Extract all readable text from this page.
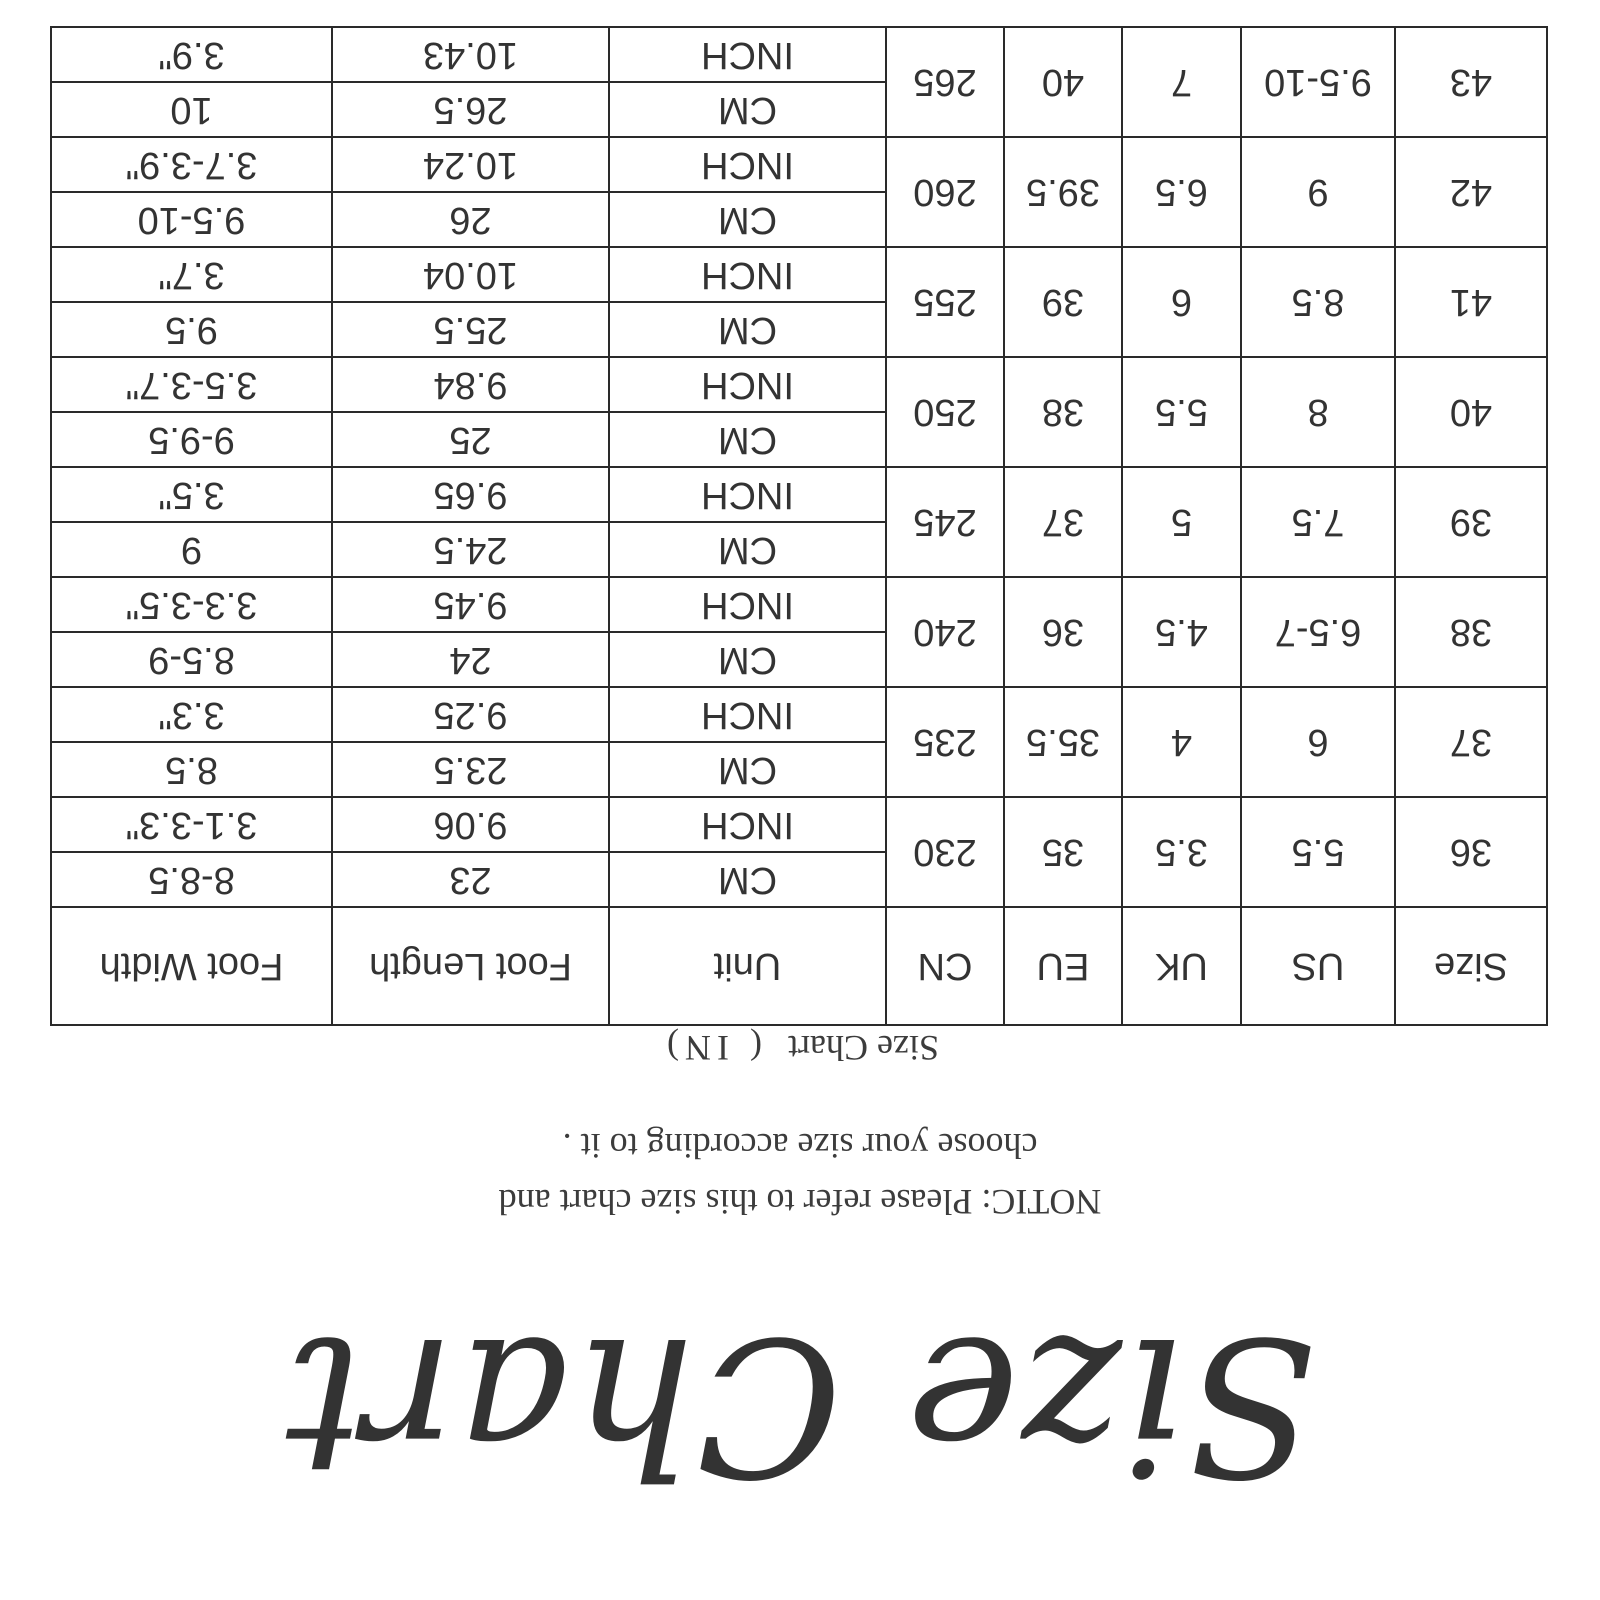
Size Chart
NOTIC: Please refer to this size chart and
choose your size according to it .
Size Chart( IN)
Size	US	UK	EU	CN	Unit	Foot Length	Foot Width
36	5.5	3.5	35	230	CM	23	8-8.5
					INCH	9.06	3.1-3.3"
37	6	4	35.5	235	CM	23.5	8.5
					INCH	9.25	3.3"
38	6.5-7	4.5	36	240	CM	24	8.5-9
					INCH	9.45	3.3-3.5"
39	7.5	5	37	245	CM	24.5	9
					INCH	9.65	3.5"
40	8	5.5	38	250	CM	25	9-9.5
					INCH	9.84	3.5-3.7"
41	8.5	6	39	255	CM	25.5	9.5
					INCH	10.04	3.7"
42	9	6.5	39.5	260	CM	26	9.5-10
					INCH	10.24	3.7-3.9"
43	9.5-10	7	40	265	CM	26.5	10
					INCH	10.43	3.9"
